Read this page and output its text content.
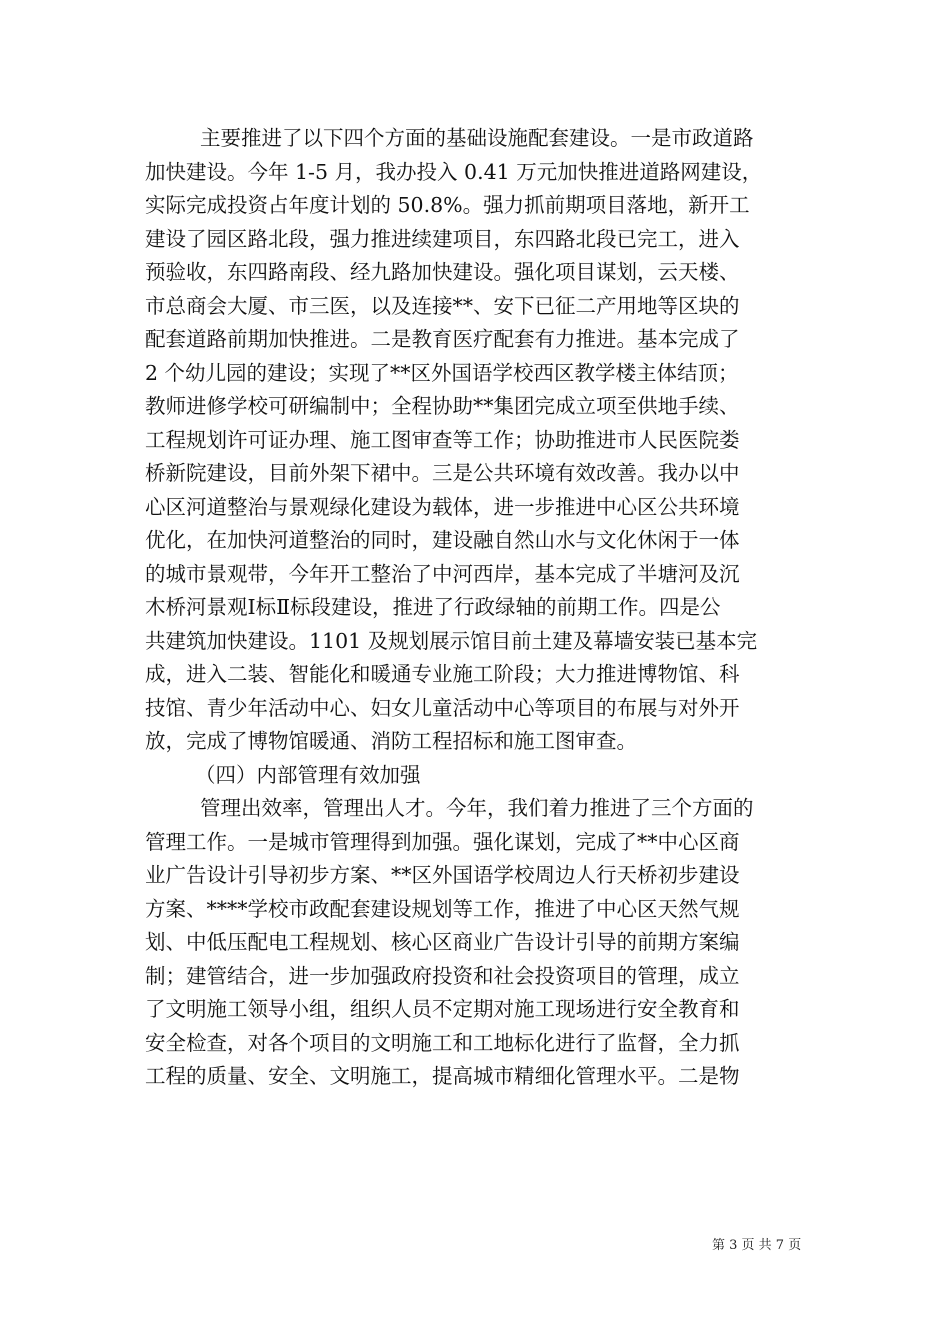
主要推进了以下四个方面的基础设施配套建设。一是市政道路
加快建设。今年 1-5 月，我办投入 0.41 万元加快推进道路网建设，
实际完成投资占年度计划的 50.8%。强力抓前期项目落地，新开工
建设了园区路北段，强力推进续建项目，东四路北段已完工，进入
预验收，东四路南段、经九路加快建设。强化项目谋划，云天楼、
市总商会大厦、市三医，以及连接**、安下已征二产用地等区块的
配套道路前期加快推进。二是教育医疗配套有力推进。基本完成了
2 个幼儿园的建设；实现了**区外国语学校西区教学楼主体结顶；
教师进修学校可研编制中；全程协助**集团完成立项至供地手续、
工程规划许可证办理、施工图审查等工作；协助推进市人民医院娄
桥新院建设，目前外架下裙中。三是公共环境有效改善。我办以中
心区河道整治与景观绿化建设为载体，进一步推进中心区公共环境
优化，在加快河道整治的同时，建设融自然山水与文化休闲于一体
的城市景观带，今年开工整治了中河西岸，基本完成了半塘河及沉
木桥河景观Ⅰ标Ⅱ标段建设，推进了行政绿轴的前期工作。四是公
共建筑加快建设。1101 及规划展示馆目前土建及幕墙安装已基本完
成，进入二装、智能化和暖通专业施工阶段；大力推进博物馆、科
技馆、青少年活动中心、妇女儿童活动中心等项目的布展与对外开
放，完成了博物馆暖通、消防工程招标和施工图审查。
（四）内部管理有效加强
管理出效率，管理出人才。今年，我们着力推进了三个方面的
管理工作。一是城市管理得到加强。强化谋划，完成了**中心区商
业广告设计引导初步方案、**区外国语学校周边人行天桥初步建设
方案、****学校市政配套建设规划等工作，推进了中心区天然气规
划、中低压配电工程规划、核心区商业广告设计引导的前期方案编
制；建管结合，进一步加强政府投资和社会投资项目的管理，成立
了文明施工领导小组，组织人员不定期对施工现场进行安全教育和
安全检查，对各个项目的文明施工和工地标化进行了监督，全力抓
工程的质量、安全、文明施工，提高城市精细化管理水平。二是物
第 3 页 共 7 页
